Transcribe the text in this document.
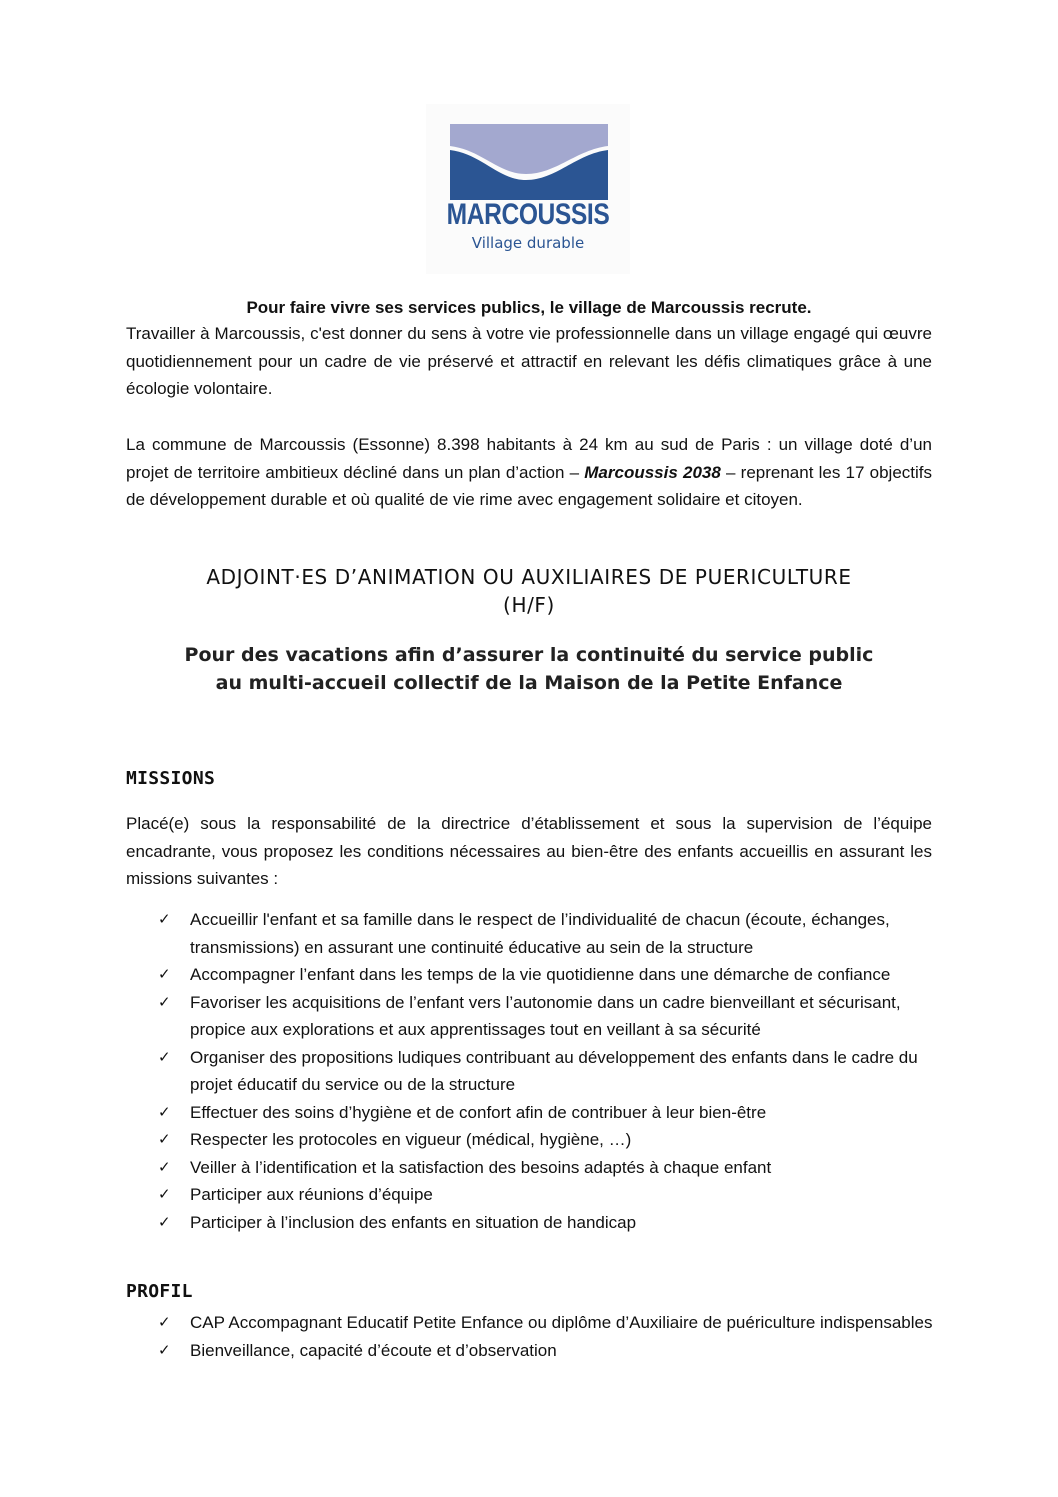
MARCOUSSIS
Village durable
Pour faire vivre ses services publics, le village de Marcoussis recrute.

Travailler à Marcoussis, c'est donner du sens à votre vie professionnelle dans un village engagé qui œuvre quotidiennement pour un cadre de vie préservé et attractif en relevant les défis climatiques grâce à une écologie volontaire.

La commune de Marcoussis (Essonne) 8.398 habitants à 24 km au sud de Paris : un village doté d’un projet de territoire ambitieux décliné dans un plan d’action – Marcoussis 2038 – reprenant les 17 objectifs de développement durable et où qualité de vie rime avec engagement solidaire et citoyen.

ADJOINT·ES D’ANIMATION OU AUXILIAIRES DE PUERICULTURE
(H/F)
Pour des vacations afin d’assurer la continuité du service public
au multi-accueil collectif de la Maison de la Petite Enfance
MISSIONS

Placé(e) sous la responsabilité de la directrice d’établissement et sous la supervision de l’équipe encadrante, vous proposez les conditions nécessaires au bien-être des enfants accueillis en assurant les missions suivantes :

✓ Accueillir l'enfant et sa famille dans le respect de l’individualité de chacun (écoute, échanges, transmissions) en assurant une continuité éducative au sein de la structure
✓ Accompagner l’enfant dans les temps de la vie quotidienne dans une démarche de confiance
✓ Favoriser les acquisitions de l’enfant vers l’autonomie dans un cadre bienveillant et sécurisant, propice aux explorations et aux apprentissages tout en veillant à sa sécurité
✓ Organiser des propositions ludiques contribuant au développement des enfants dans le cadre du projet éducatif du service ou de la structure
✓ Effectuer des soins d’hygiène et de confort afin de contribuer à leur bien-être
✓ Respecter les protocoles en vigueur (médical, hygiène, …)
✓ Veiller à l’identification et la satisfaction des besoins adaptés à chaque enfant
✓ Participer aux réunions d’équipe
✓ Participer à l’inclusion des enfants en situation de handicap
PROFIL
✓ CAP Accompagnant Educatif Petite Enfance ou diplôme d’Auxiliaire de puériculture indispensables
✓ Bienveillance, capacité d’écoute et d’observation
